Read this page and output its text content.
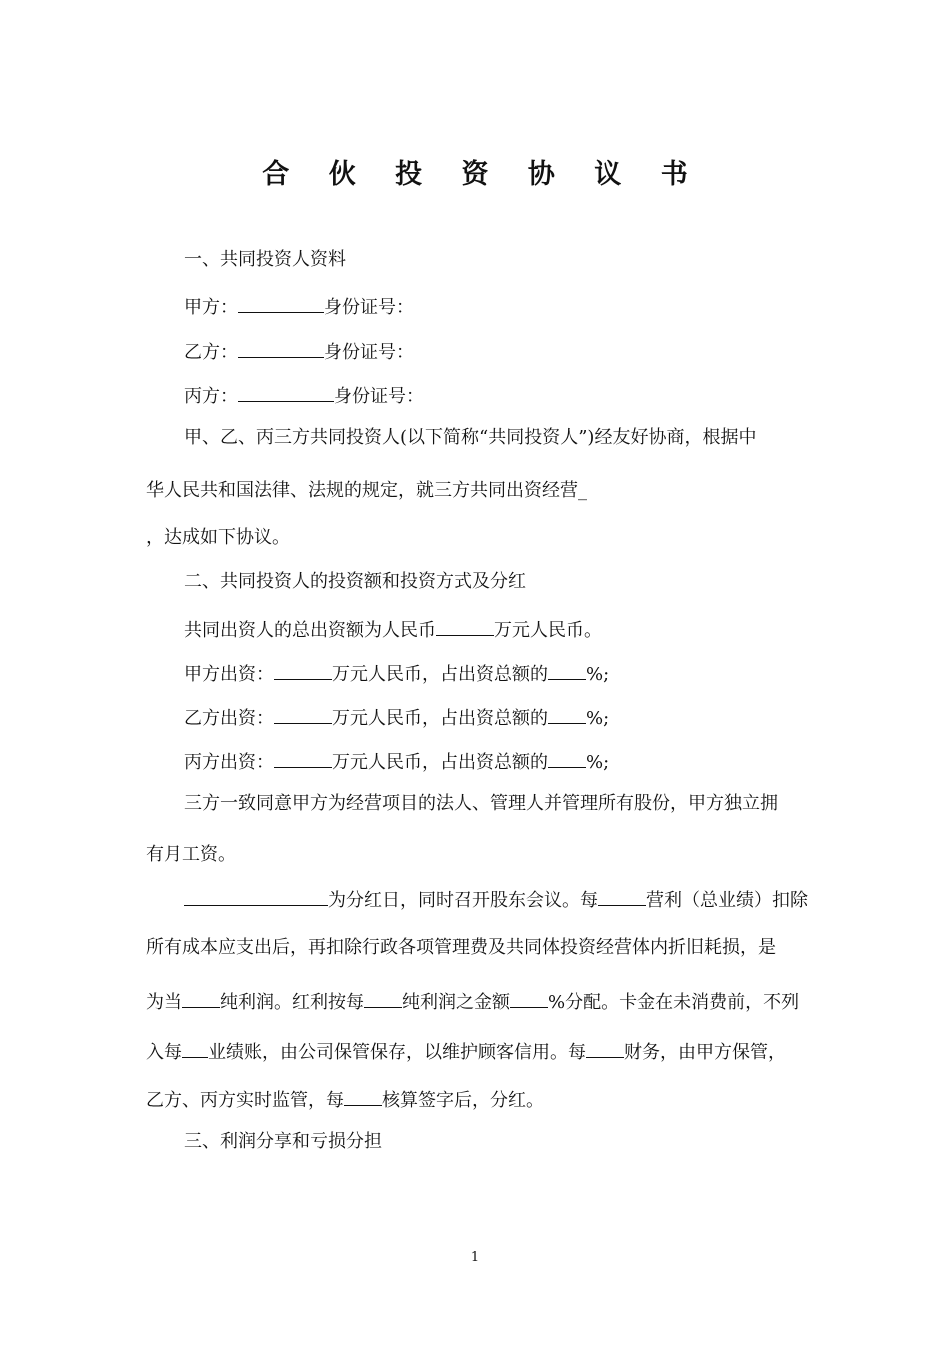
合 伙 投 资 协 议 书
一、共同投资人资料
甲方：	身份证号：
乙方：	身份证号：
丙方：	身份证号：
甲、乙、丙三方共同投资人(以下简称“共同投资人”)经友好协商，根据中
华人民共和国法律、法规的规定，就三方共同出资经营_
，达成如下协议。
二、共同投资人的投资额和投资方式及分红
共同出资人的总出资额为人民币	万元人民币。
甲方出资：	万元人民币，占出资总额的 %;
乙方出资：	万元人民币，占出资总额的 %;
丙方出资：	万元人民币，占出资总额的 %;
三方一致同意甲方为经营项目的法人、管理人并管理所有股份，甲方独立拥
有月工资。
为分红日，同时召开股东会议。每	营利（总业绩）扣除
所有成本应支出后，再扣除行政各项管理费及共同体投资经营体内折旧耗损，是
为当 纯利润。红利按每 纯利润之金额 %分配。卡金在未消费前，不列
入每 业绩账，由公司保管保存，以维护顾客信用。每 财务，由甲方保管，
乙方、丙方实时监管，每 核算签字后，分红。
三、利润分享和亏损分担
1
